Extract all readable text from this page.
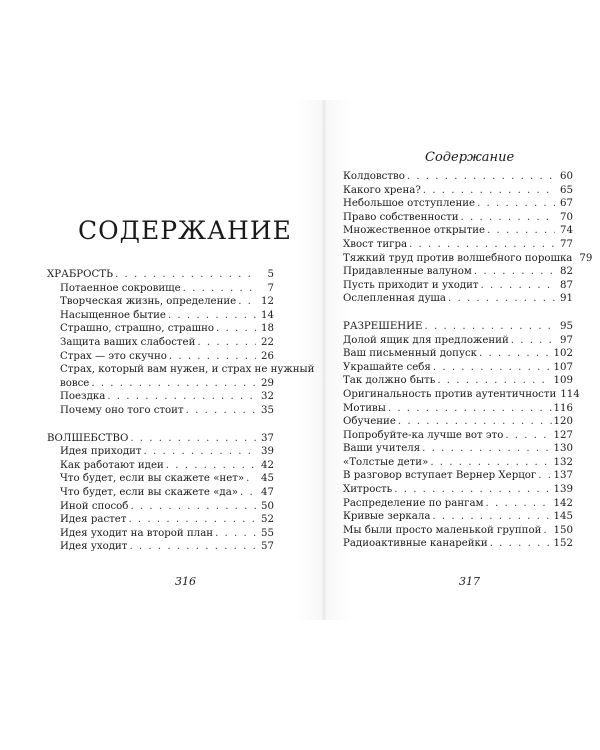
СОДЕРЖАНИЕ
ХРАБРОСТЬ . . .	5
Потаенное сокровище . . .	7
Творческая жизнь, определение . . . 12
Насыщенное бытие . . .	14
Страшно, страшно, страшно . . .	18
Защита ваших слабостей . . .	22
Страх — это скучно . . .	26
Страх, который вам нужен, и страх не нужный
вовсе . . .	29
Поездка . . .	32
Почему оно того стоит . . .	35
ВОЛШЕБСТВО . . .	37
Идея приходит . . .	39
Как работают идеи . . .	42
Что будет, если вы скажете «нет» . . . 45
Что будет, если вы скажете «да» . . . 47
Иной способ . . .	50
Идея растет . . .	52
Идея уходит на второй план . . .	55
Идея уходит . . .	57
316
Содержание
Колдовство . . .	60
Какого хрена? . . .	65
Небольшое отступление . . .	67
Право собственности . . .	70
Множественное открытие . . .	74
Хвост тигра . . .	77
Тяжкий труд против волшебного порошка 79
Придавленные валуном . . .	82
Пусть приходит и уходит . . .	87
Ослепленная душа . . .	91
РАЗРЕШЕНИЕ . . .	95
Долой ящик для предложений . . .	97
Ваш письменный допуск . . .	102
Украшайте себя . . .	107
Так должно быть . . .	109
Оригинальность против аутентичности 114
Мотивы . . .	116
Обучение . . .	120
Попробуйте-ка лучше вот это . . .	127
Ваши учителя . . .	130
«Толстые дети» . . .	132
В разговор вступает Вернер Херцог . . . 137
Хитрость . . .	139
Распределение по рангам . . .	142
Кривые зеркала . . .	145
Мы были просто маленькой группой . . . 150
Радиоактивные канарейки . . .	152
317
